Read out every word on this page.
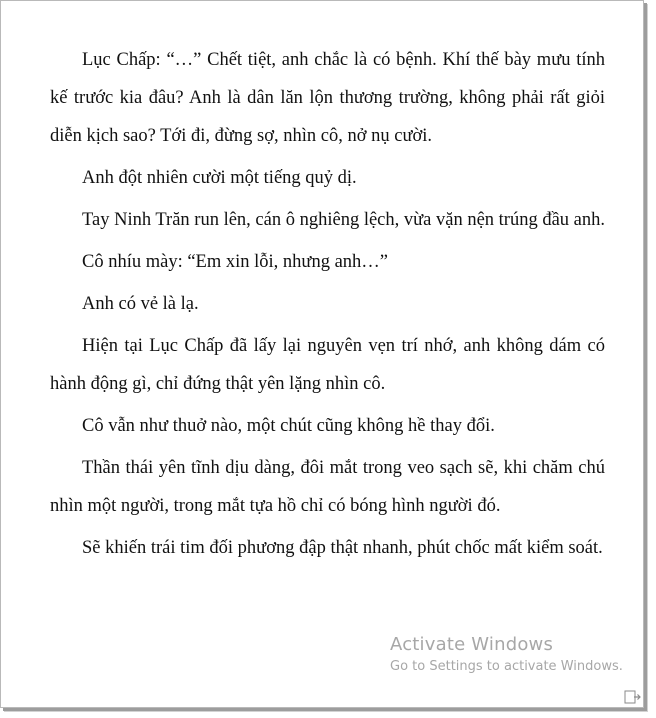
Lục Chấp: “…” Chết tiệt, anh chắc là có bệnh. Khí thế bày mưu tính kế trước kia đâu? Anh là dân lăn lộn thương trường, không phải rất giỏi diễn kịch sao? Tới đi, đừng sợ, nhìn cô, nở nụ cười.

Anh đột nhiên cười một tiếng quỷ dị.

Tay Ninh Trăn run lên, cán ô nghiêng lệch, vừa vặn nện trúng đầu anh.

Cô nhíu mày: “Em xin lỗi, nhưng anh…”

Anh có vẻ là lạ.

Hiện tại Lục Chấp đã lấy lại nguyên vẹn trí nhớ, anh không dám có hành động gì, chỉ đứng thật yên lặng nhìn cô.

Cô vẫn như thuở nào, một chút cũng không hề thay đổi.

Thần thái yên tĩnh dịu dàng, đôi mắt trong veo sạch sẽ, khi chăm chú nhìn một người, trong mắt tựa hồ chỉ có bóng hình người đó.

Sẽ khiến trái tim đối phương đập thật nhanh, phút chốc mất kiểm soát.

Activate Windows
Go to Settings to activate Windows.
